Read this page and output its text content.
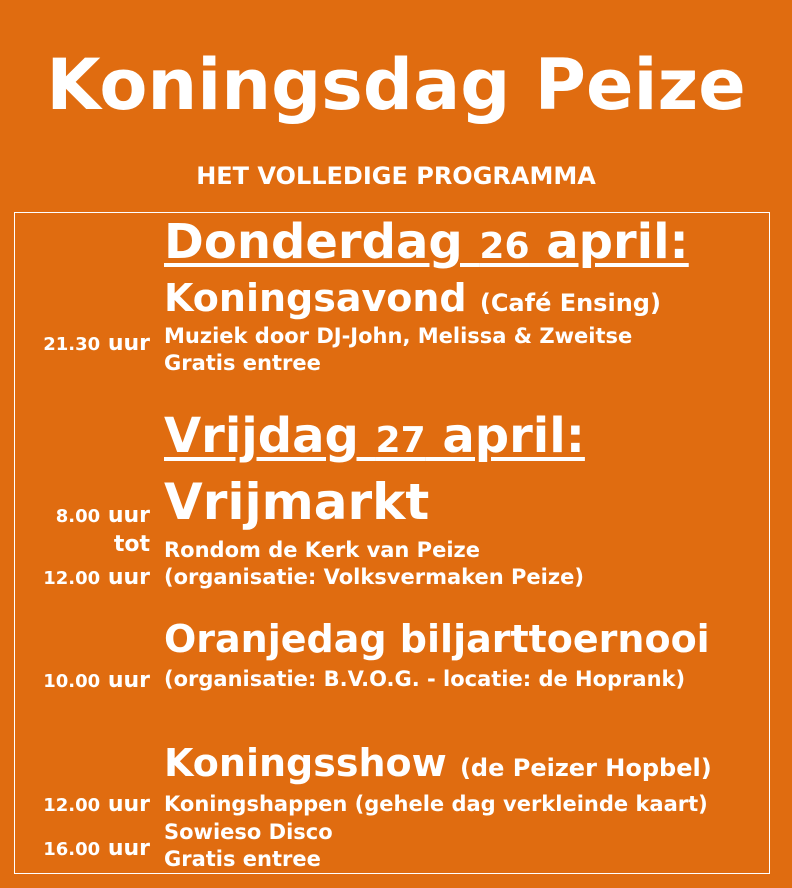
Koningsdag Peize
HET VOLLEDIGE PROGRAMMA
Donderdag 26 april:
Koningsavond (Café Ensing)
21.30 uur Muziek door DJ-John, Melissa & Zweitse
Gratis entree
Vrijdag 27 april:
Vrijmarkt
8.00 uur
tot
12.00 uur
Rondom de Kerk van Peize
(organisatie: Volksvermaken Peize)
Oranjedag biljarttoernooi
10.00 uur (organisatie: B.V.O.G. - locatie: de Hoprank)
Koningsshow (de Peizer Hopbel)
12.00 uur Koningshappen (gehele dag verkleinde kaart)
16.00 uur
Sowieso Disco
Gratis entree
